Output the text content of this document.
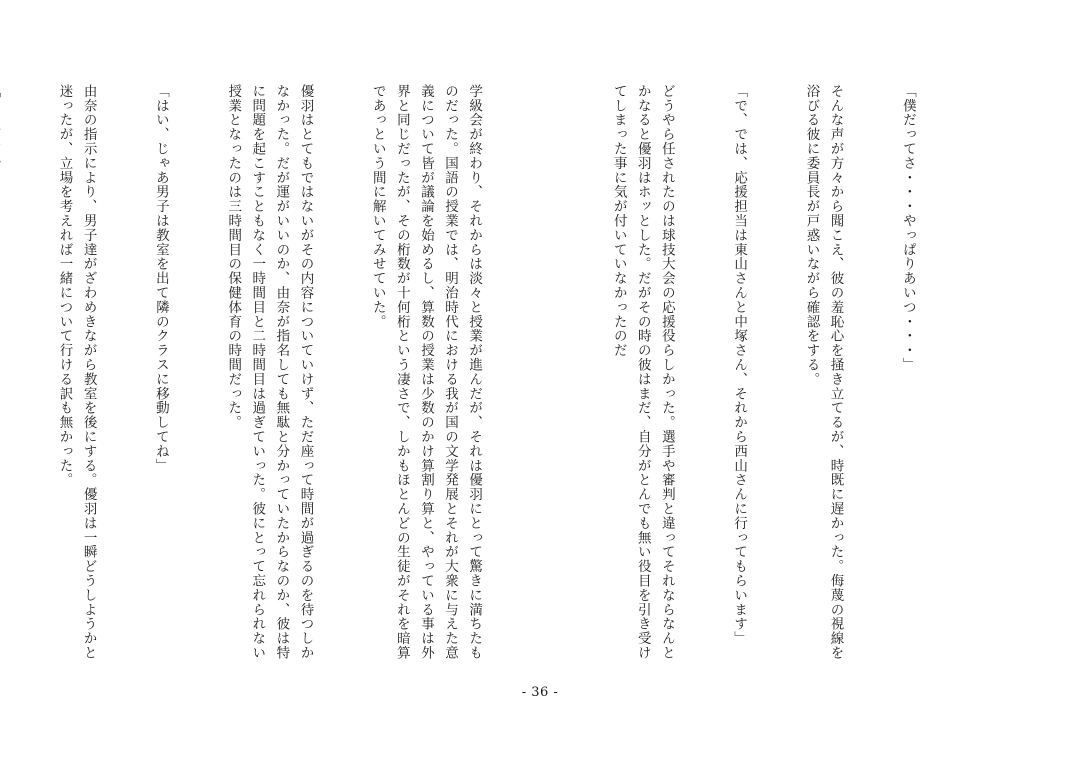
「僕だってさ・・・やっぱりあいつ・・・」

そんな声が方々から聞こえ、彼の羞恥心を掻き立てるが、時既に遅かった。侮蔑の視線を浴びる彼に委員長が戸惑いながら確認をする。

「で、では、応援担当は東山さんと中塚さん、それから西山さんに行ってもらいます」

どうやら任されたのは球技大会の応援役らしかった。選手や審判と違ってそれならなんとかなると優羽はホッとした。だがその時の彼はまだ、自分がとんでも無い役目を引き受けてしまった事に気が付いていなかったのだ

学級会が終わり、それからは淡々と授業が進んだが、それは優羽にとって驚きに満ちたものだった。国語の授業では、明治時代における我が国の文学発展とそれが大衆に与えた意義について皆が議論を始めるし、算数の授業は少数のかけ算割り算と、やっている事は外界と同じだったが、その桁数が十何桁という凄さで、しかもほとんどの生徒がそれを暗算であっという間に解いてみせていた。

優羽はとてもではないがその内容についていけず、ただ座って時間が過ぎるのを待つしかなかった。だが運がいいのか、由奈が指名しても無駄と分かっていたからなのか、彼は特に問題を起こすこともなく一時間目と二時間目は過ぎていった。彼にとって忘れられない授業となったのは三時間目の保健体育の時間だった。

「はい、じゃあ男子は教室を出て隣のクラスに移動してね」

由奈の指示により、男子達がざわめきながら教室を後にする。優羽は一瞬どうしようかと迷ったが、立場を考えれば一緒について行ける訳も無かった。

- 36 -
